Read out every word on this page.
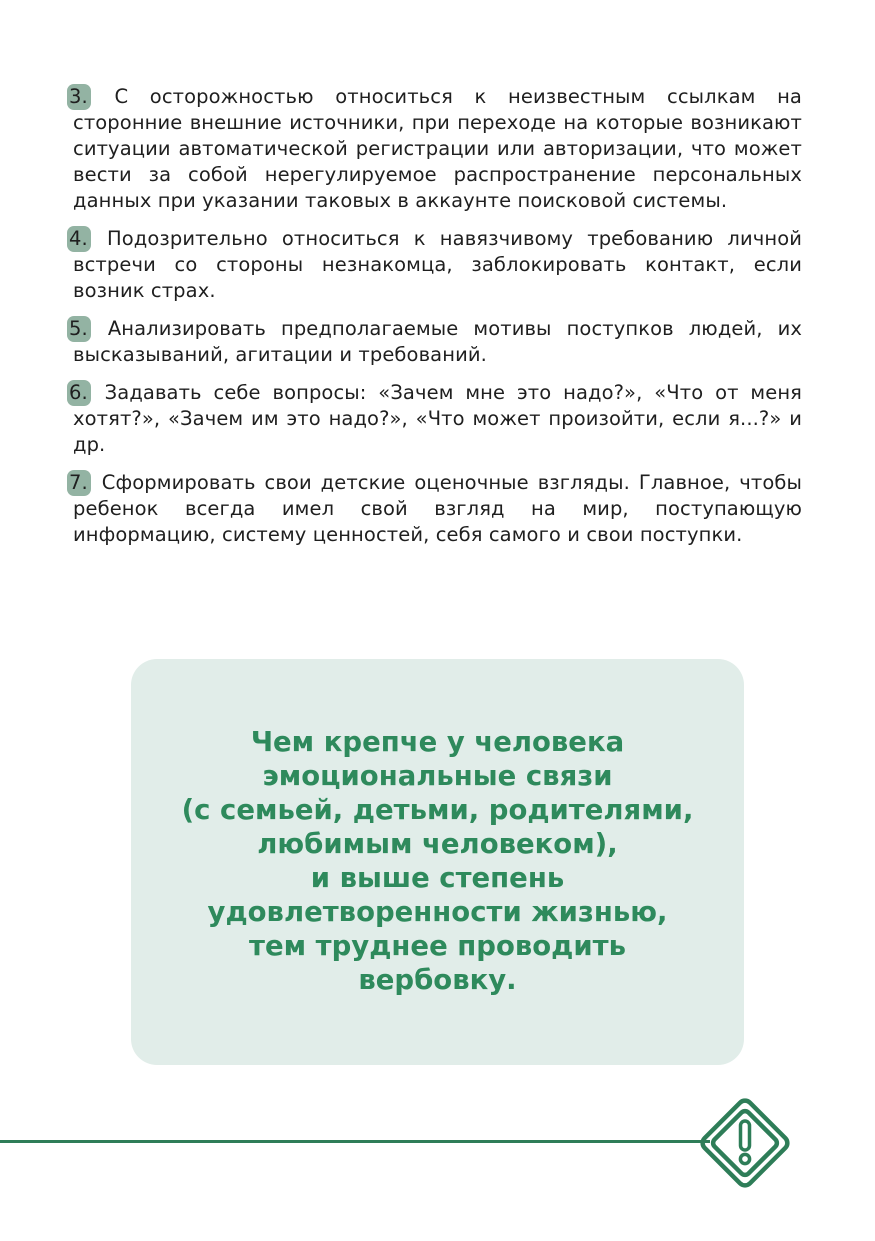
3. С осторожностью относиться к неизвестным ссылкам на сторонние внешние источники, при переходе на которые возникают ситуации автоматической регистрации или авторизации, что может вести за собой нерегулируемое распространение персональных данных при указании таковых в аккаунте поисковой системы.

4. Подозрительно относиться к навязчивому требованию личной встречи со стороны незнакомца, заблокировать контакт, если возник страх.

5. Анализировать предполагаемые мотивы поступков людей, их высказываний, агитации и требований.

6. Задавать себе вопросы: «Зачем мне это надо?», «Что от меня хотят?», «Зачем им это надо?», «Что может произойти, если я...?» и др.

7. Сформировать свои детские оценочные взгляды. Главное, чтобы ребенок всегда имел свой взгляд на мир, поступающую информацию, систему ценностей, себя самого и свои поступки.

Чем крепче у человека
эмоциональные связи
(с семьей, детьми, родителями,
любимым человеком),
и выше степень
удовлетворенности жизнью,
тем труднее проводить
вербовку.
